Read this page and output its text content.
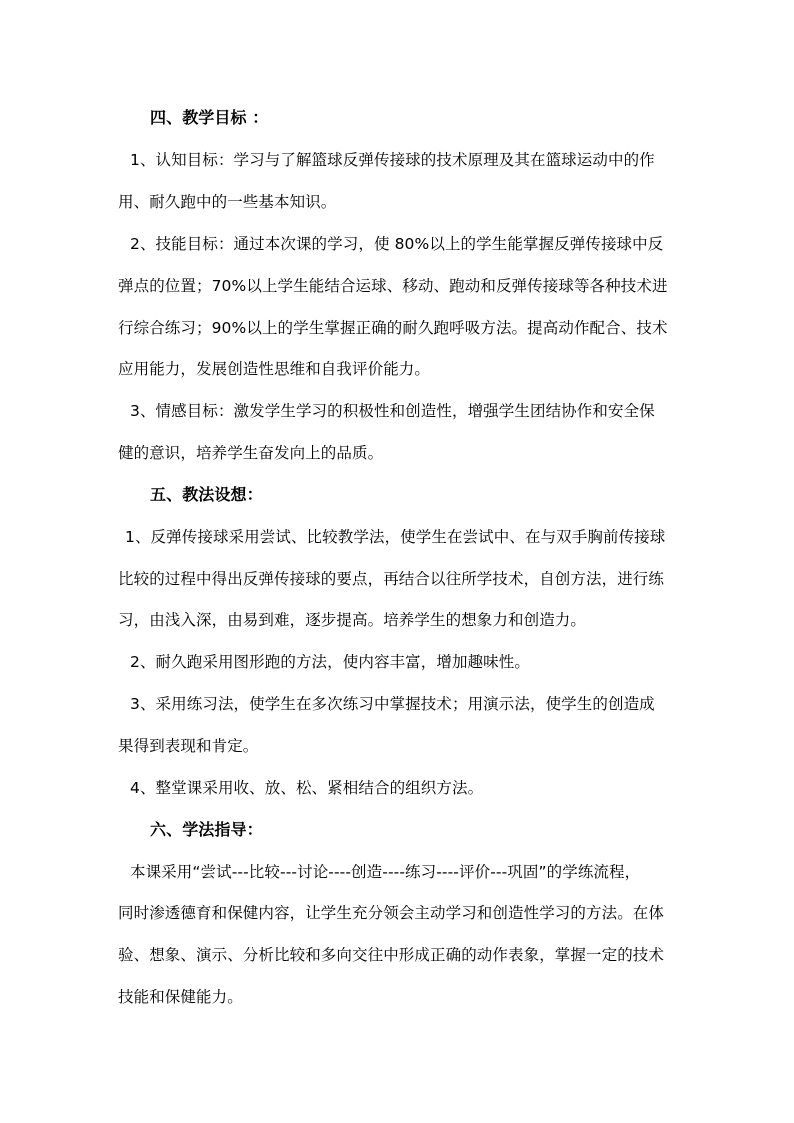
四、教学目标 ：
1、认知目标：学习与了解篮球反弹传接球的技术原理及其在篮球运动中的作
用、耐久跑中的一些基本知识。
2、技能目标：通过本次课的学习，使 80%以上的学生能掌握反弹传接球中反
弹点的位置；70%以上学生能结合运球、移动、跑动和反弹传接球等各种技术进
行综合练习；90%以上的学生掌握正确的耐久跑呼吸方法。提高动作配合、技术
应用能力，发展创造性思维和自我评价能力。
3、情感目标：激发学生学习的积极性和创造性，增强学生团结协作和安全保
健的意识，培养学生奋发向上的品质。
五、教法设想：
1、反弹传接球采用尝试、比较教学法，使学生在尝试中、在与双手胸前传接球
比较的过程中得出反弹传接球的要点，再结合以往所学技术，自创方法，进行练
习，由浅入深，由易到难，逐步提高。培养学生的想象力和创造力。
2、耐久跑采用图形跑的方法，使内容丰富，增加趣味性。
3、采用练习法，使学生在多次练习中掌握技术；用演示法，使学生的创造成
果得到表现和肯定。
4、整堂课采用收、放、松、紧相结合的组织方法。
六、学法指导：
本课采用“尝试---比较---讨论----创造----练习----评价---巩固”的学练流程，
同时渗透德育和保健内容，让学生充分领会主动学习和创造性学习的方法。在体
验、想象、演示、分析比较和多向交往中形成正确的动作表象，掌握一定的技术
技能和保健能力。
